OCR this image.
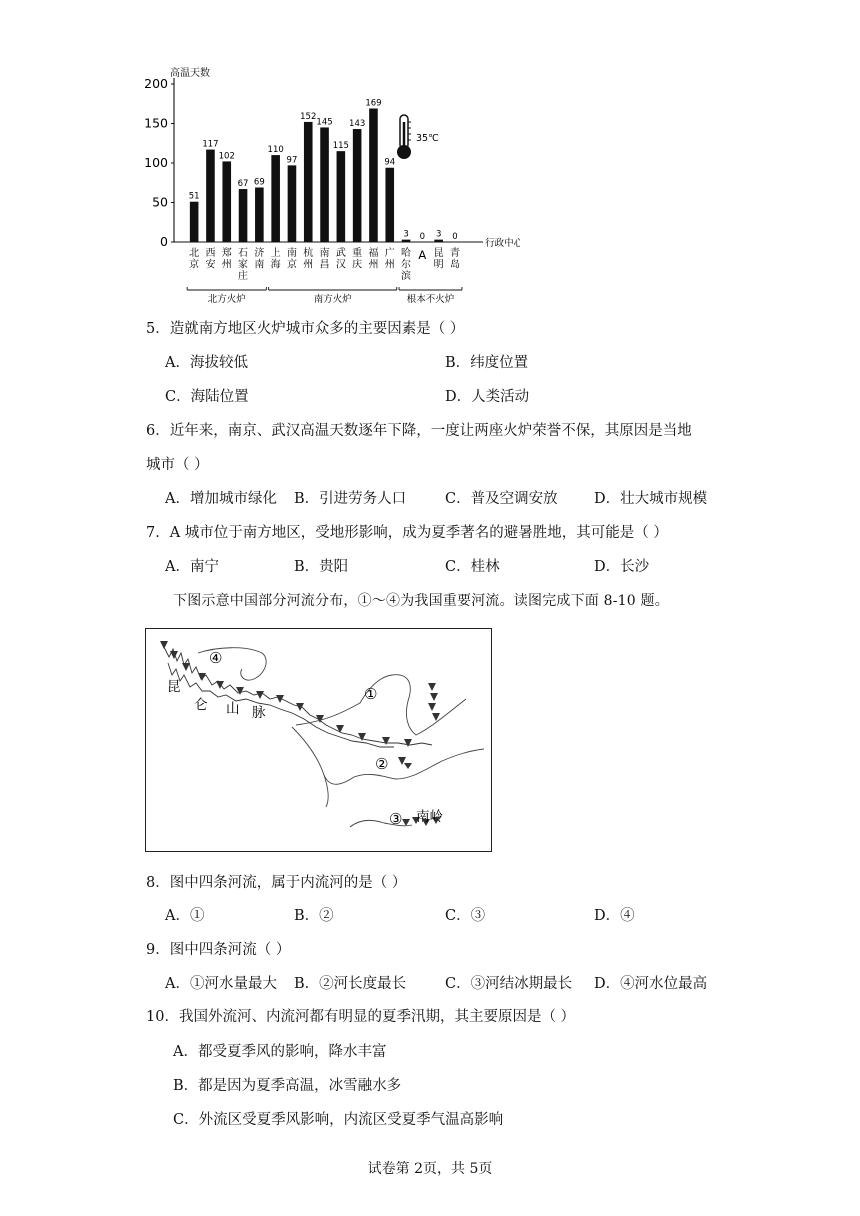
0
50
100
150
200
高温天数
行政中心
51
北
京
117
西
安
102
郑
州
67
石
家
庄
69
济
南
110
上
海
97
南
京
152
杭
州
145
南
昌
115
武
汉
143
重
庆
169
福
州
94
广
州
3
哈
尔
滨
0
A
3
昆
明
0
青
岛
北方火炉	南方火炉	根本不火炉
35℃
5．造就南方地区火炉城市众多的主要因素是（ ）
A．海拔较低	B．纬度位置
C．海陆位置	D．人类活动
6．近年来，南京、武汉高温天数逐年下降，一度让两座火炉荣誉不保，其原因是当地
城市（ ）
A．增加城市绿化 B．引进劳务人口	C．普及空调安放	D．壮大城市规模
7．A 城市位于南方地区，受地形影响，成为夏季著名的避暑胜地，其可能是（ ）
A．南宁	B．贵阳	C．桂林	D．长沙
下图示意中国部分河流分布，①～④为我国重要河流。读图完成下面 8-10 题。
④
①
②
③
昆
仑 山 脉
南岭
8．图中四条河流，属于内流河的是（ ）
A．①	B．②	C．③	D．④
9．图中四条河流（ ）
A．①河水量最大 B．②河长度最长	C．③河结冰期最长 D．④河水位最高
10．我国外流河、内流河都有明显的夏季汛期，其主要原因是（ ）
A．都受夏季风的影响，降水丰富
B．都是因为夏季高温，冰雪融水多
C．外流区受夏季风影响，内流区受夏季气温高影响
试卷第 2页，共 5页
